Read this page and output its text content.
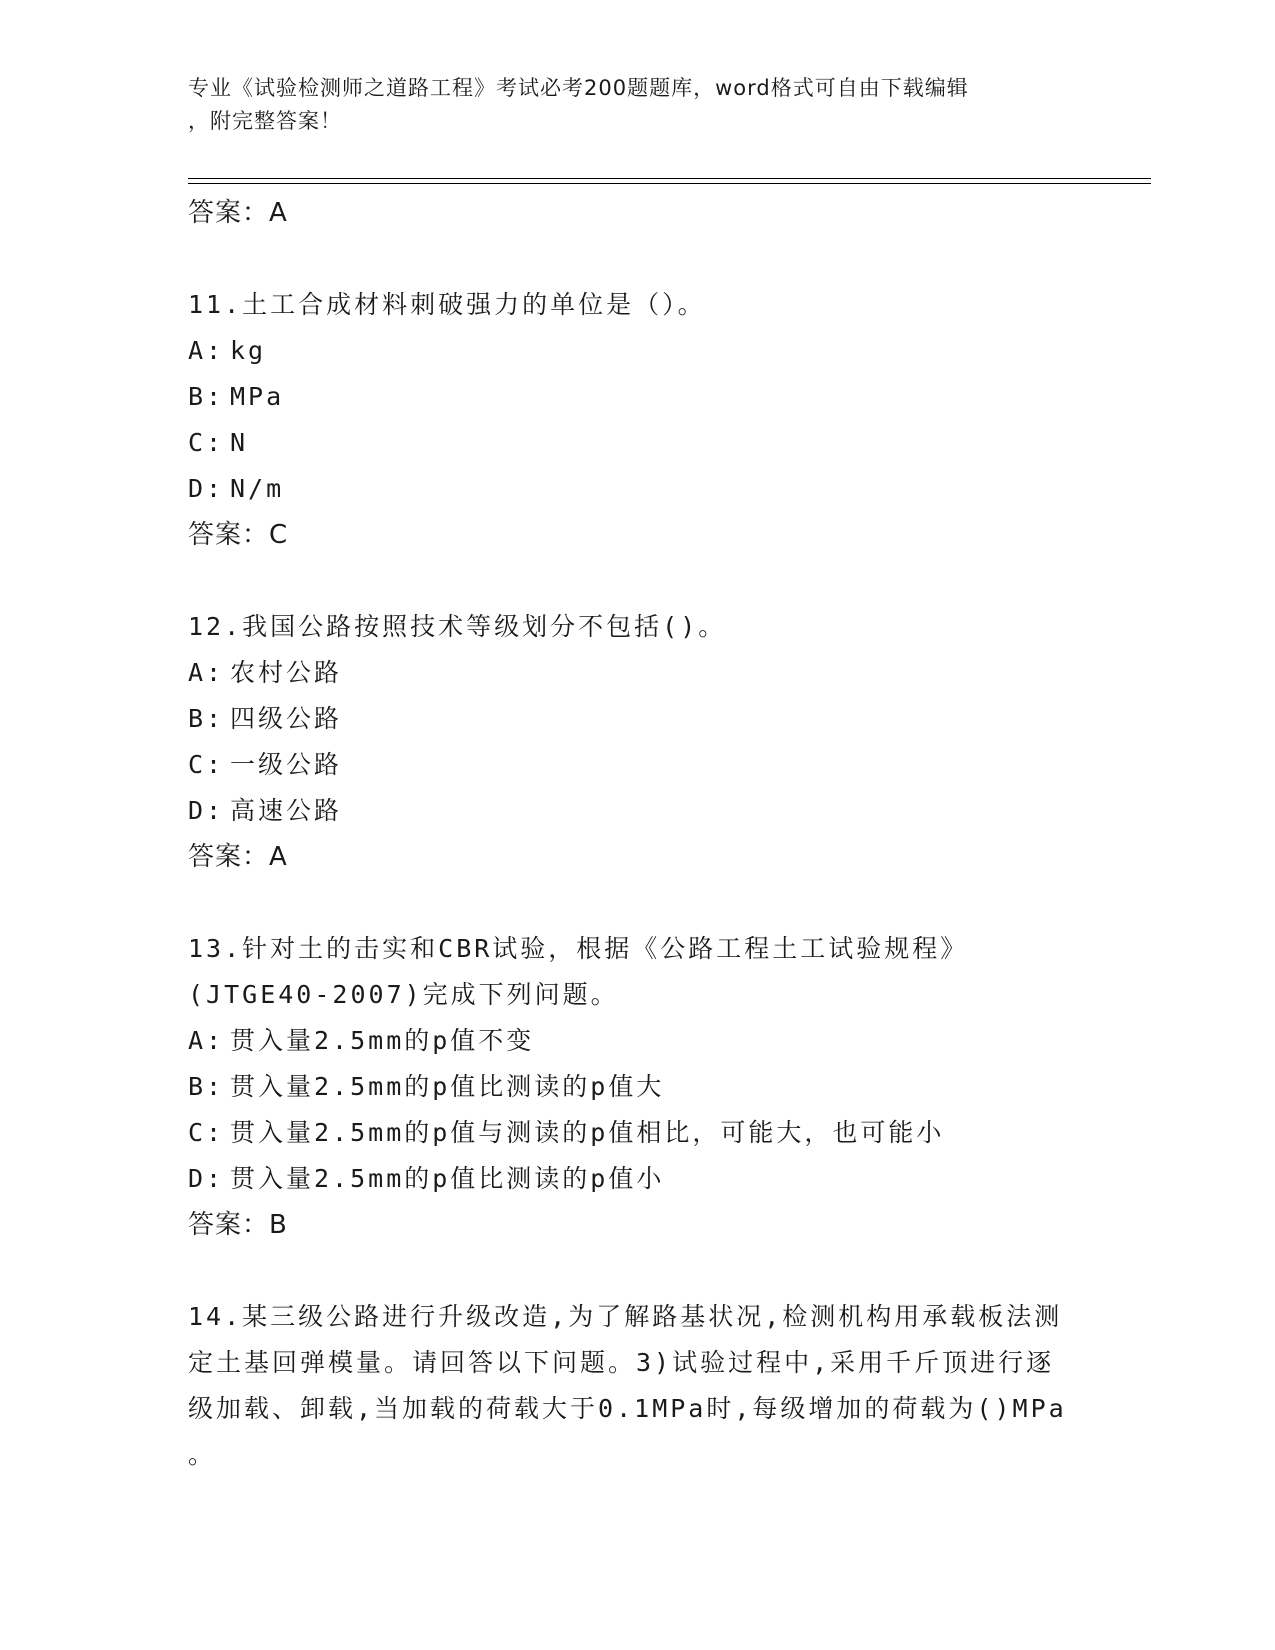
专业《试验检测师之道路工程》考试必考200题题库，word格式可自由下载编辑
，附完整答案！
答案：A
11.土工合成材料刺破强力的单位是（）。
A: kg
B: MPa
C: N
D: N/m
答案：C
12.我国公路按照技术等级划分不包括()。
A: 农村公路
B: 四级公路
C: 一级公路
D: 高速公路
答案：A
13.针对土的击实和CBR试验，根据《公路工程土工试验规程》
(JTGE40-2007)完成下列问题。
A: 贯入量2.5mm的p值不变
B: 贯入量2.5mm的p值比测读的p值大
C: 贯入量2.5mm的p值与测读的p值相比，可能大，也可能小
D: 贯入量2.5mm的p值比测读的p值小
答案：B
14.某三级公路进行升级改造,为了解路基状况,检测机构用承载板法测
定土基回弹模量。请回答以下问题。3)试验过程中,采用千斤顶进行逐
级加载、卸载,当加载的荷载大于0.1MPa时,每级增加的荷载为()MPa
。
